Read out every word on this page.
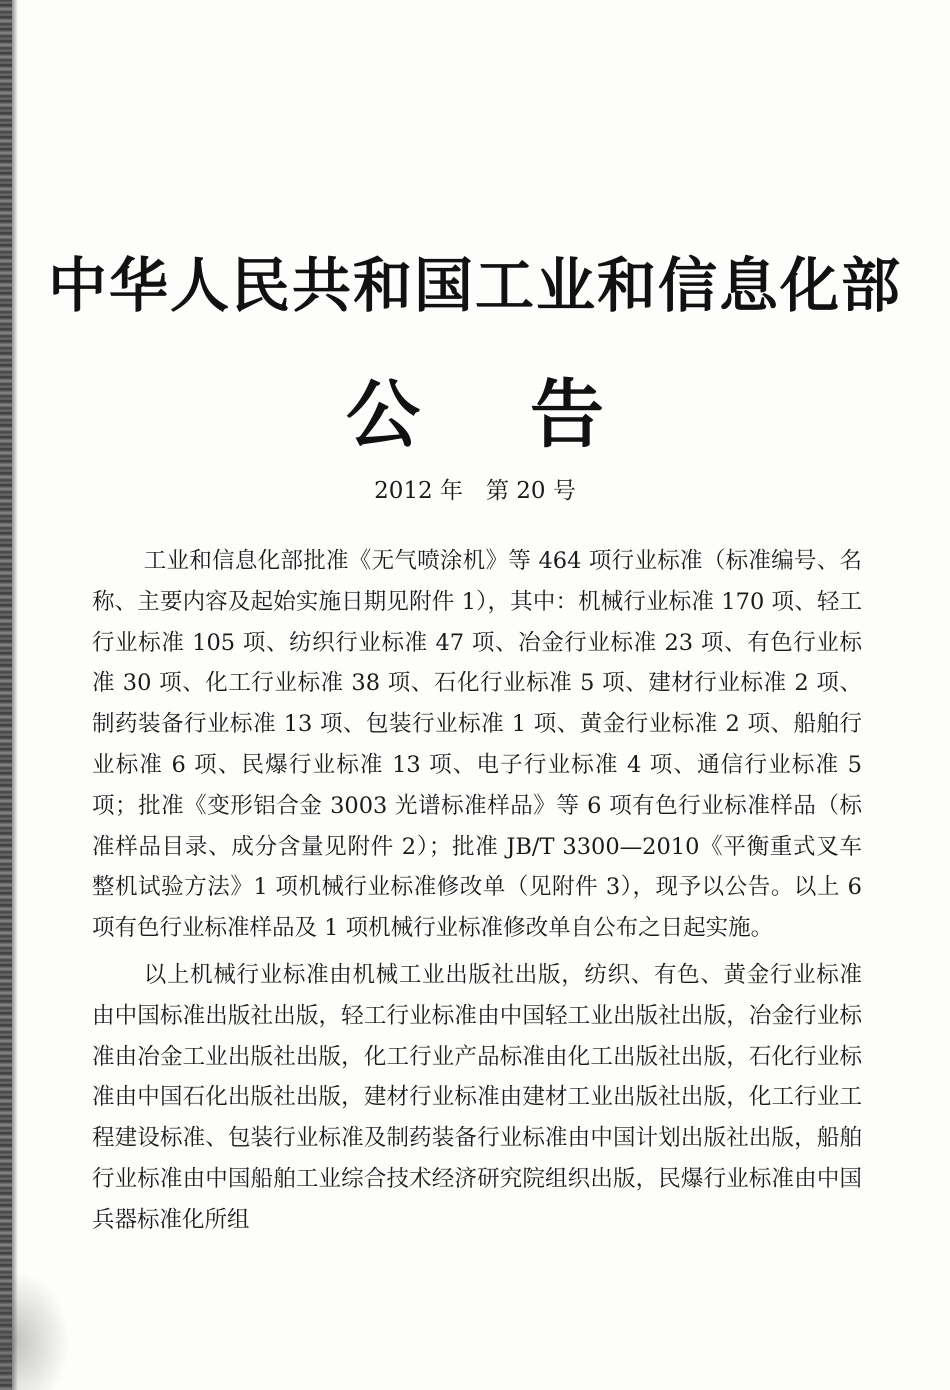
中华人民共和国工业和信息化部
公告
2012 年　第 20 号

工业和信息化部批准《无气喷涂机》等 464 项行业标准（标准编号、名称、主要内容及起始实施日期见附件 1），其中：机械行业标准 170 项、轻工行业标准 105 项、纺织行业标准 47 项、冶金行业标准 23 项、有色行业标准 30 项、化工行业标准 38 项、石化行业标准 5 项、建材行业标准 2 项、制药装备行业标准 13 项、包装行业标准 1 项、黄金行业标准 2 项、船舶行业标准 6 项、民爆行业标准 13 项、电子行业标准 4 项、通信行业标准 5 项；批准《变形铝合金 3003 光谱标准样品》等 6 项有色行业标准样品（标准样品目录、成分含量见附件 2）；批准 JB/T 3300—2010《平衡重式叉车　整机试验方法》1 项机械行业标准修改单（见附件 3），现予以公告。以上 6 项有色行业标准样品及 1 项机械行业标准修改单自公布之日起实施。

以上机械行业标准由机械工业出版社出版，纺织、有色、黄金行业标准由中国标准出版社出版，轻工行业标准由中国轻工业出版社出版，冶金行业标准由冶金工业出版社出版，化工行业产品标准由化工出版社出版，石化行业标准由中国石化出版社出版，建材行业标准由建材工业出版社出版，化工行业工程建设标准、包装行业标准及制药装备行业标准由中国计划出版社出版，船舶行业标准由中国船舶工业综合技术经济研究院组织出版，民爆行业标准由中国兵器标准化所组
